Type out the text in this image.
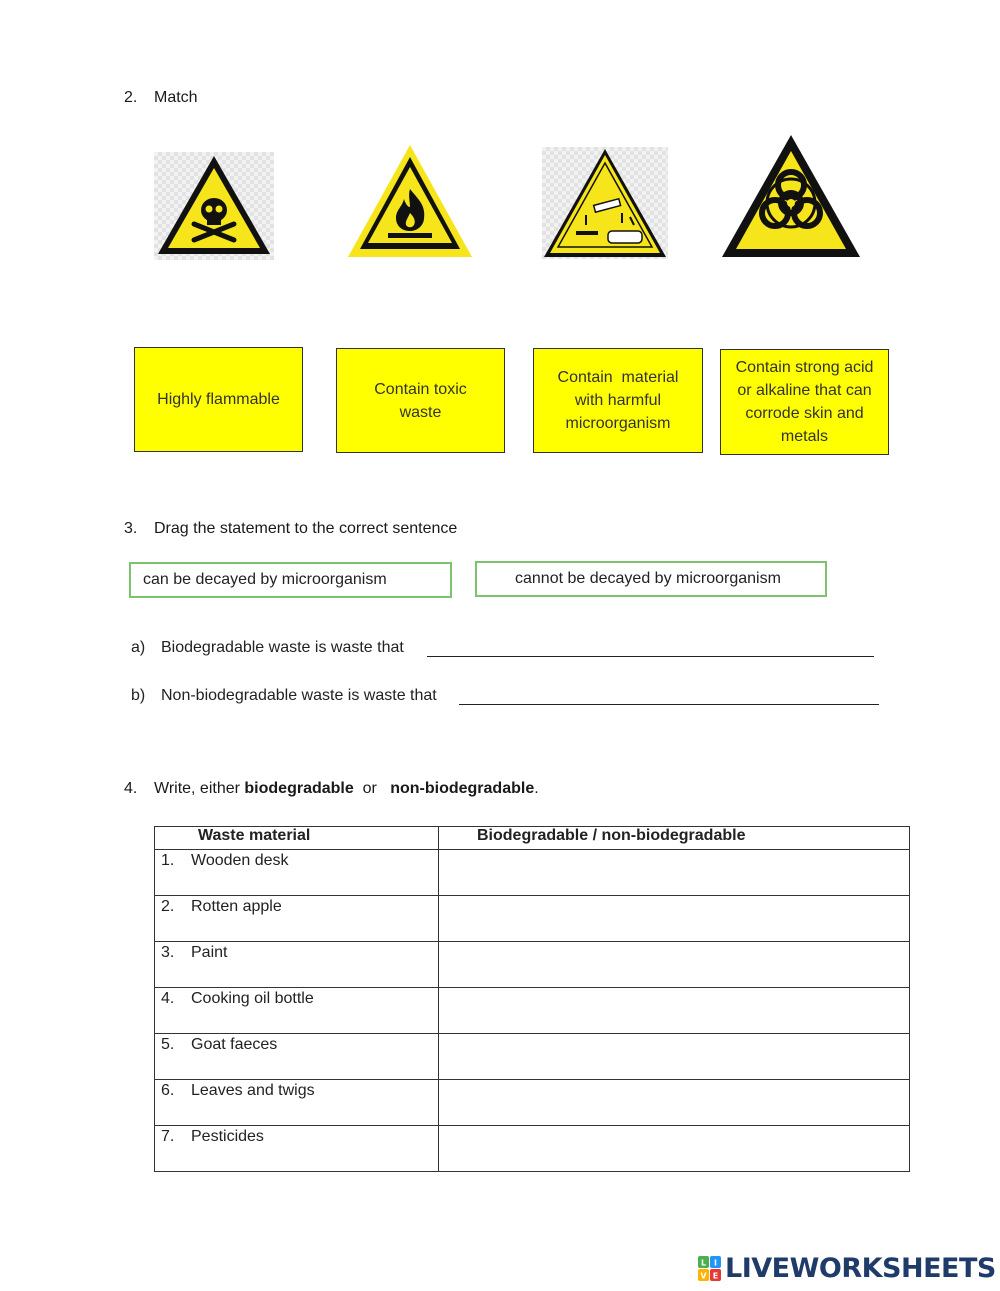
2. Match
Highly flammable
Contain toxic
waste
Contain  material
with harmful
microorganism
Contain strong acid
or alkaline that can
corrode skin and
metals
3. Drag the statement to the correct sentence
can be decayed by microorganism	cannot be decayed by microorganism
a) Biodegradable waste is waste that
b) Non-biodegradable waste is waste that
4. Write, either biodegradable  or   non-biodegradable.
Waste material	Biodegradable / non-biodegradable
1. Wooden desk	
2. Rotten apple	
3. Paint	
4. Cooking oil bottle	
5. Goat faeces	
6. Leaves and twigs	
7. Pesticides	
L I
V E LIVEWORKSHEETS
